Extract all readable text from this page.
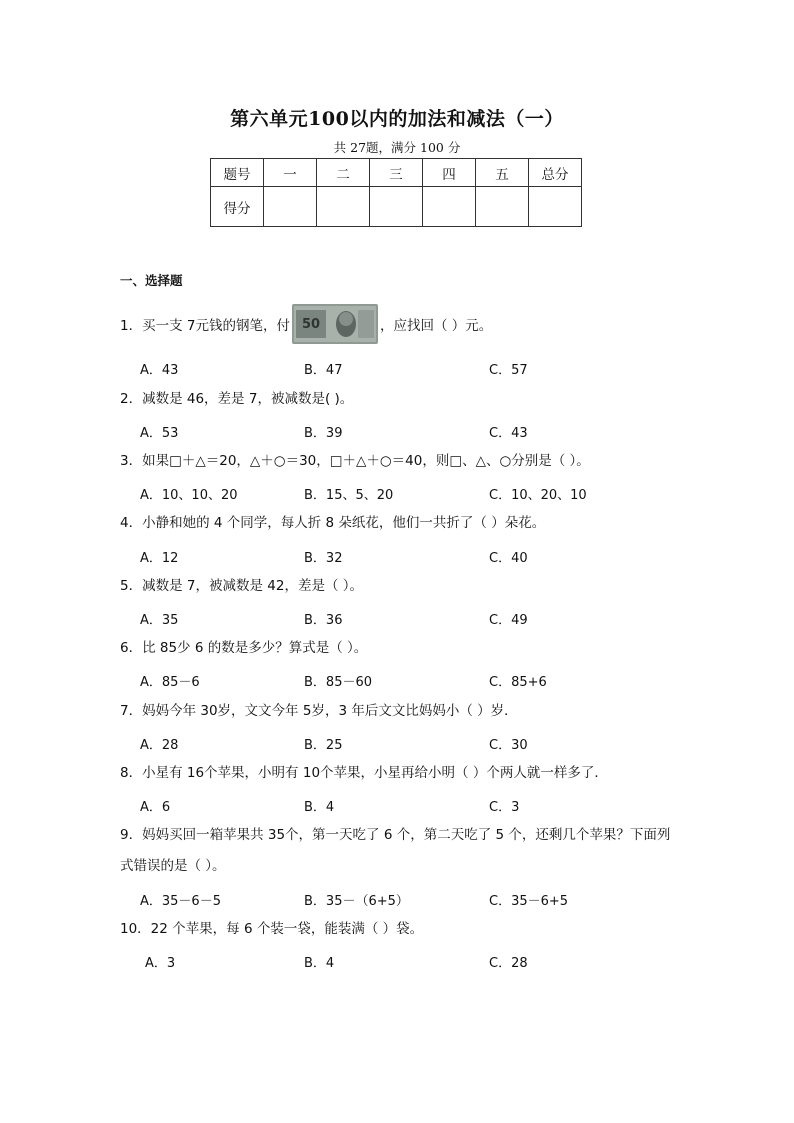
第六单元100以内的加法和减法（一）
共 27题，满分 100 分
题号	一	二	三	四	五	总分
得分						
一、选择题
1．买一支 7元钱的钢笔，付 50	，应找回（ ）元。
A．43	B．47	C．57
2．减数是 46，差是 7，被减数是( )。
A．53	B．39	C．43
3．如果□＋△＝20，△＋○＝30，□＋△＋○＝40，则□、△、○分别是（ ）。
A．10、10、20	B．15、5、20	C．10、20、10
4．小静和她的 4 个同学，每人折 8 朵纸花，他们一共折了（ ）朵花。
A．12	B．32	C．40
5．减数是 7，被减数是 42，差是（ ）。
A．35	B．36	C．49
6．比 85少 6 的数是多少？算式是（ ）。
A．85－6	B．85－60	C．85+6
7．妈妈今年 30岁，文文今年 5岁，3 年后文文比妈妈小（ ）岁．
A．28	B．25	C．30
8．小星有 16个苹果，小明有 10个苹果，小星再给小明（ ）个两人就一样多了．
A．6	B．4	C．3
9．妈妈买回一箱苹果共 35个，第一天吃了 6 个，第二天吃了 5 个，还剩几个苹果？下面列式错误的是（ ）。
A．35－6－5	B．35－（6+5）	C．35－6+5
10．22 个苹果，每 6 个装一袋，能装满（ ）袋。
A．3	B．4	C．28
